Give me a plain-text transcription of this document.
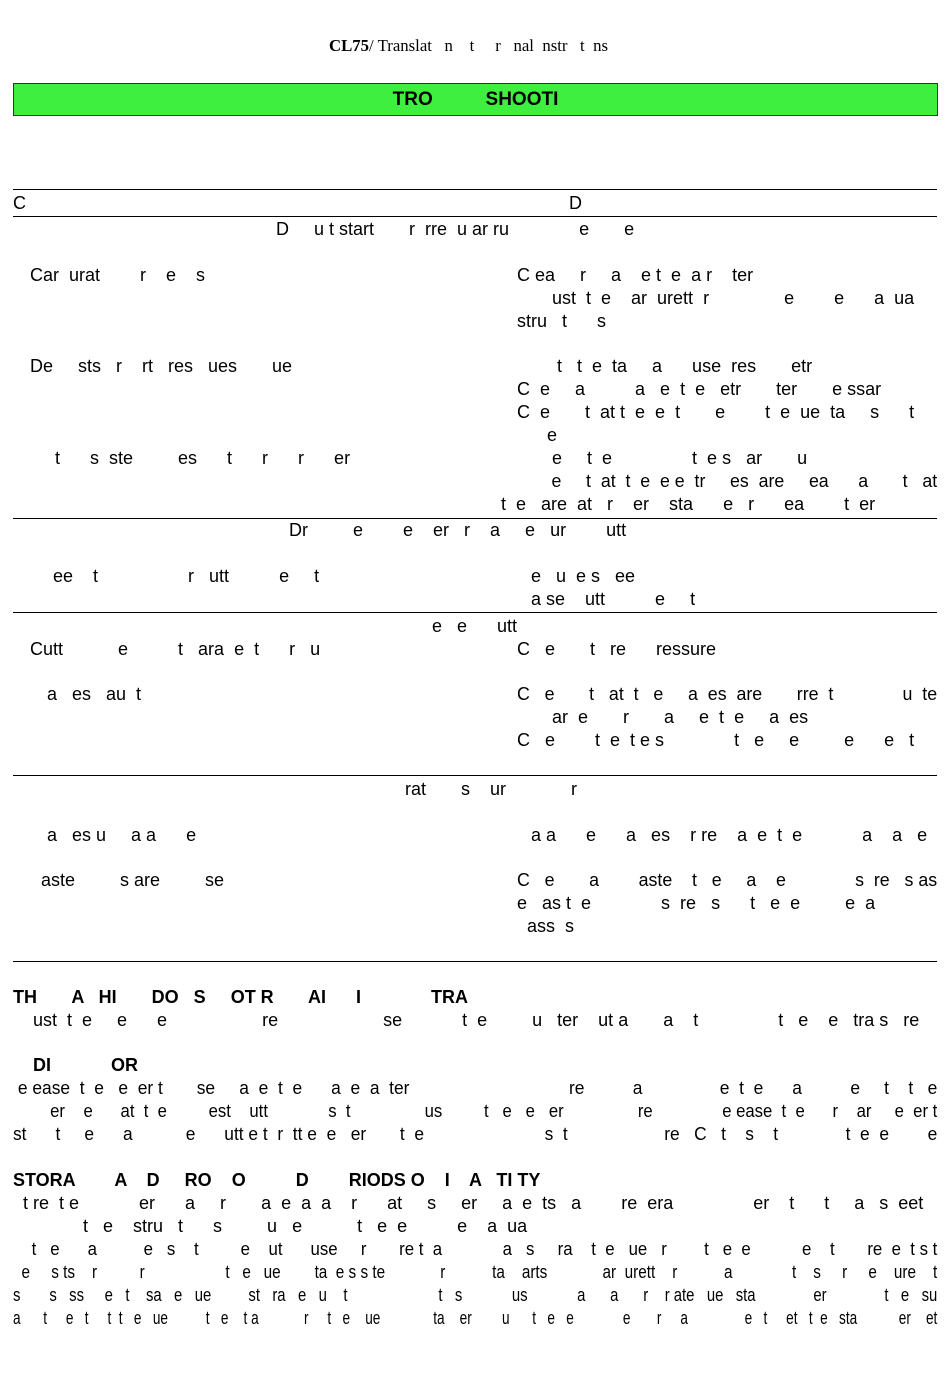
CL75/ Translat   n    t     r   nal  nstr   t  ns
TRO          SHOOTI
C	D
D     u t start       r  rre  u ar ru              e       e
Car  urat        r    e    s	C ea     r     a    e t  e  a r    ter
ust  t  e    ar  urett  r               e        e      a  ua
stru   t      s
De     sts   r    rt   res   ues       ue	t   t  e  ta     a      use  res       etr
C  e     a          a   e  t  e   etr       ter       e ssar
C  e       t  at t  e  e  t       e        t  e  ue  ta     s      t
e
t      s  ste         es      t      r      r      er	e     t  e                t  e s   ar       u
e     t  at  t  e  e e  tr     es  are     ea      a       t   at
t  e   are  at   r    er    sta      e   r      ea        t  er
Dr         e        e    er   r    a     e   ur        utt
ee    t                  r   utt          e     t	e   u  e s   ee
a se    utt          e     t
e   e      utt
Cutt           e          t   ara  e  t      r   u	C   e       t   re      ressure
a   es   au  t	C   e       t   at  t   e     a  es  are       rre  t              u  te
ar  e       r       a     e  t  e     a  es
C   e        t  e  t e s              t   e     e         e      e   t
rat       s    ur             r
a   es u     a a      e	a a      e      a   es    r re    a  e  t  e            a    a   e
aste         s are         se	C   e       a        aste    t   e     a    e              s  re   s as
e   as t  e              s  re   s      t   e  e         e  a
ass  s
TH       A   HI       DO   S     OT R       AI      I              TRA
ust  t  e     e      e                   re                     se            t  e         u   ter    ut a       a    t                t   e    e   tra s   re
DI            OR
e ease  t  e   e  er t       se     a  e  t  e      a  e  a  ter                                 re          a                e  t  e      a          e     t    t   e
er    e      at  t  e         est    utt             s  t                us         t   e   e   er                re               e ease  t  e      r    ar     e  er t
st      t     e      a           e      utt e t  r  tt e  e   er       t  e                         s  t                    re   C   t    s    t              t  e  e        e
STORA        A    D     RO    O          D        RIODS O    I    A   TI TY
t re  t e            er      a     r       a  e  a  a    r      at     s     er     a  e  ts   a        re  era                er    t      t     a   s  eet
t   e    stru   t      s         u   e           t   e  e          e    a  ua
t   e      a          e   s    t         e    ut      use     r       re t  a             a   s     ra    t  e   ue   r        t   e  e           e    t       re  e  t s t
e     s ts    r          r                   t   e   ue        ta  e s s te             r           ta    arts             ar  urett    r           a              t    s     r     e    ure    t
s       s   ss     e   t    sa   e   ue         st   ra   e   u    t                      t   s            us            a      a      r    r ate   ue   sta              er              t   e   su
a      t     e   t     t  t   e   ue          t   e    t a            r     t   e    ue              ta    er        u      t   e   e             e       r     a               e   t     et   t  e   sta           er    et
